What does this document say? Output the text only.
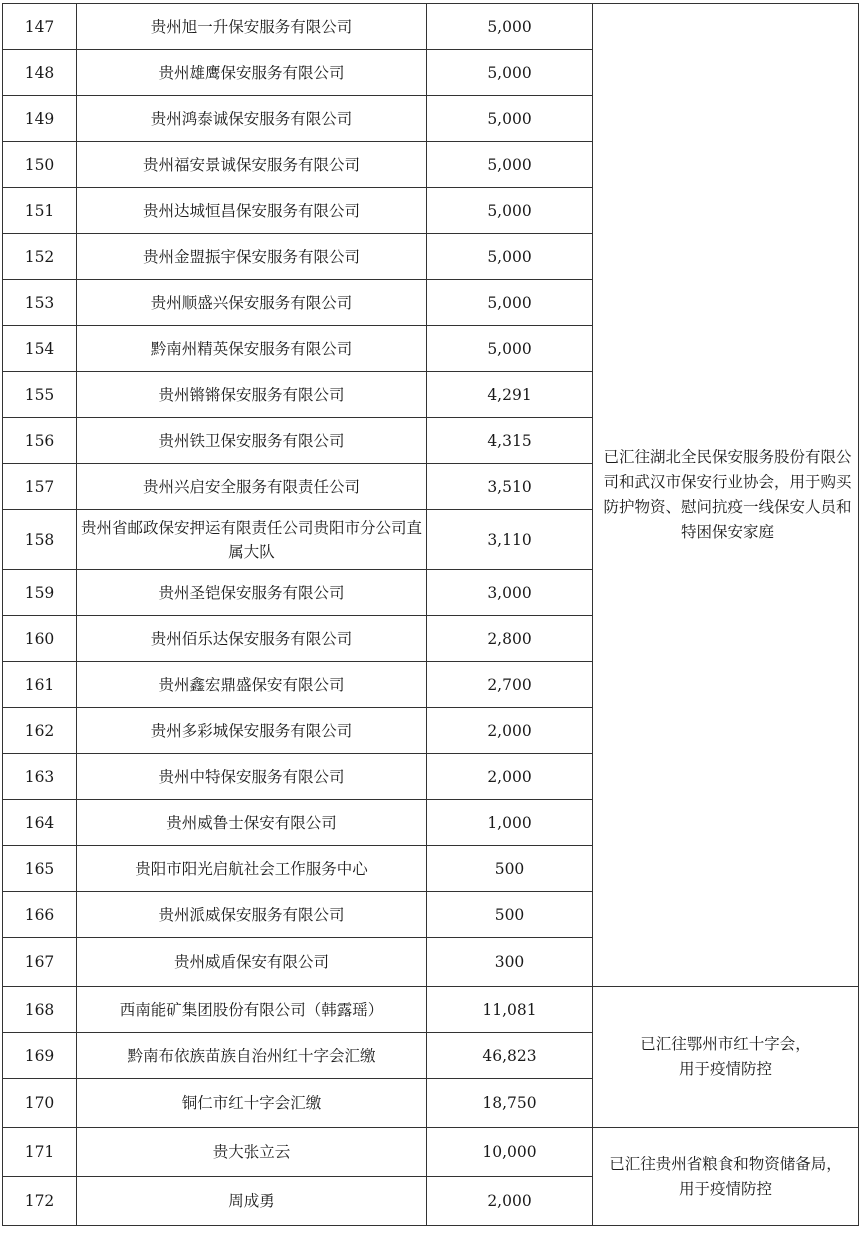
147	贵州旭一升保安服务有限公司	5,000	已汇往湖北全民保安服务股份有限公司和武汉市保安行业协会，用于购买防护物资、慰问抗疫一线保安人员和特困保安家庭
148	贵州雄鹰保安服务有限公司	5,000	
149	贵州鸿泰诚保安服务有限公司	5,000	
150	贵州福安景诚保安服务有限公司	5,000	
151	贵州达城恒昌保安服务有限公司	5,000	
152	贵州金盟振宇保安服务有限公司	5,000	
153	贵州顺盛兴保安服务有限公司	5,000	
154	黔南州精英保安服务有限公司	5,000	
155	贵州锵锵保安服务有限公司	4,291	
156	贵州铁卫保安服务有限公司	4,315	
157	贵州兴启安全服务有限责任公司	3,510	
158	贵州省邮政保安押运有限责任公司贵阳市分公司直属大队	3,110	
159	贵州圣铠保安服务有限公司	3,000	
160	贵州佰乐达保安服务有限公司	2,800	
161	贵州鑫宏鼎盛保安有限公司	2,700	
162	贵州多彩城保安服务有限公司	2,000	
163	贵州中特保安服务有限公司	2,000	
164	贵州威鲁士保安有限公司	1,000	
165	贵阳市阳光启航社会工作服务中心	500	
166	贵州派威保安服务有限公司	500	
167	贵州威盾保安有限公司	300	
168	西南能矿集团股份有限公司（韩露瑶）	11,081	已汇往鄂州市红十字会，用于疫情防控
169	黔南布依族苗族自治州红十字会汇缴	46,823	
170	铜仁市红十字会汇缴	18,750	
171	贵大张立云	10,000	已汇往贵州省粮食和物资储备局，用于疫情防控
172	周成勇	2,000	
